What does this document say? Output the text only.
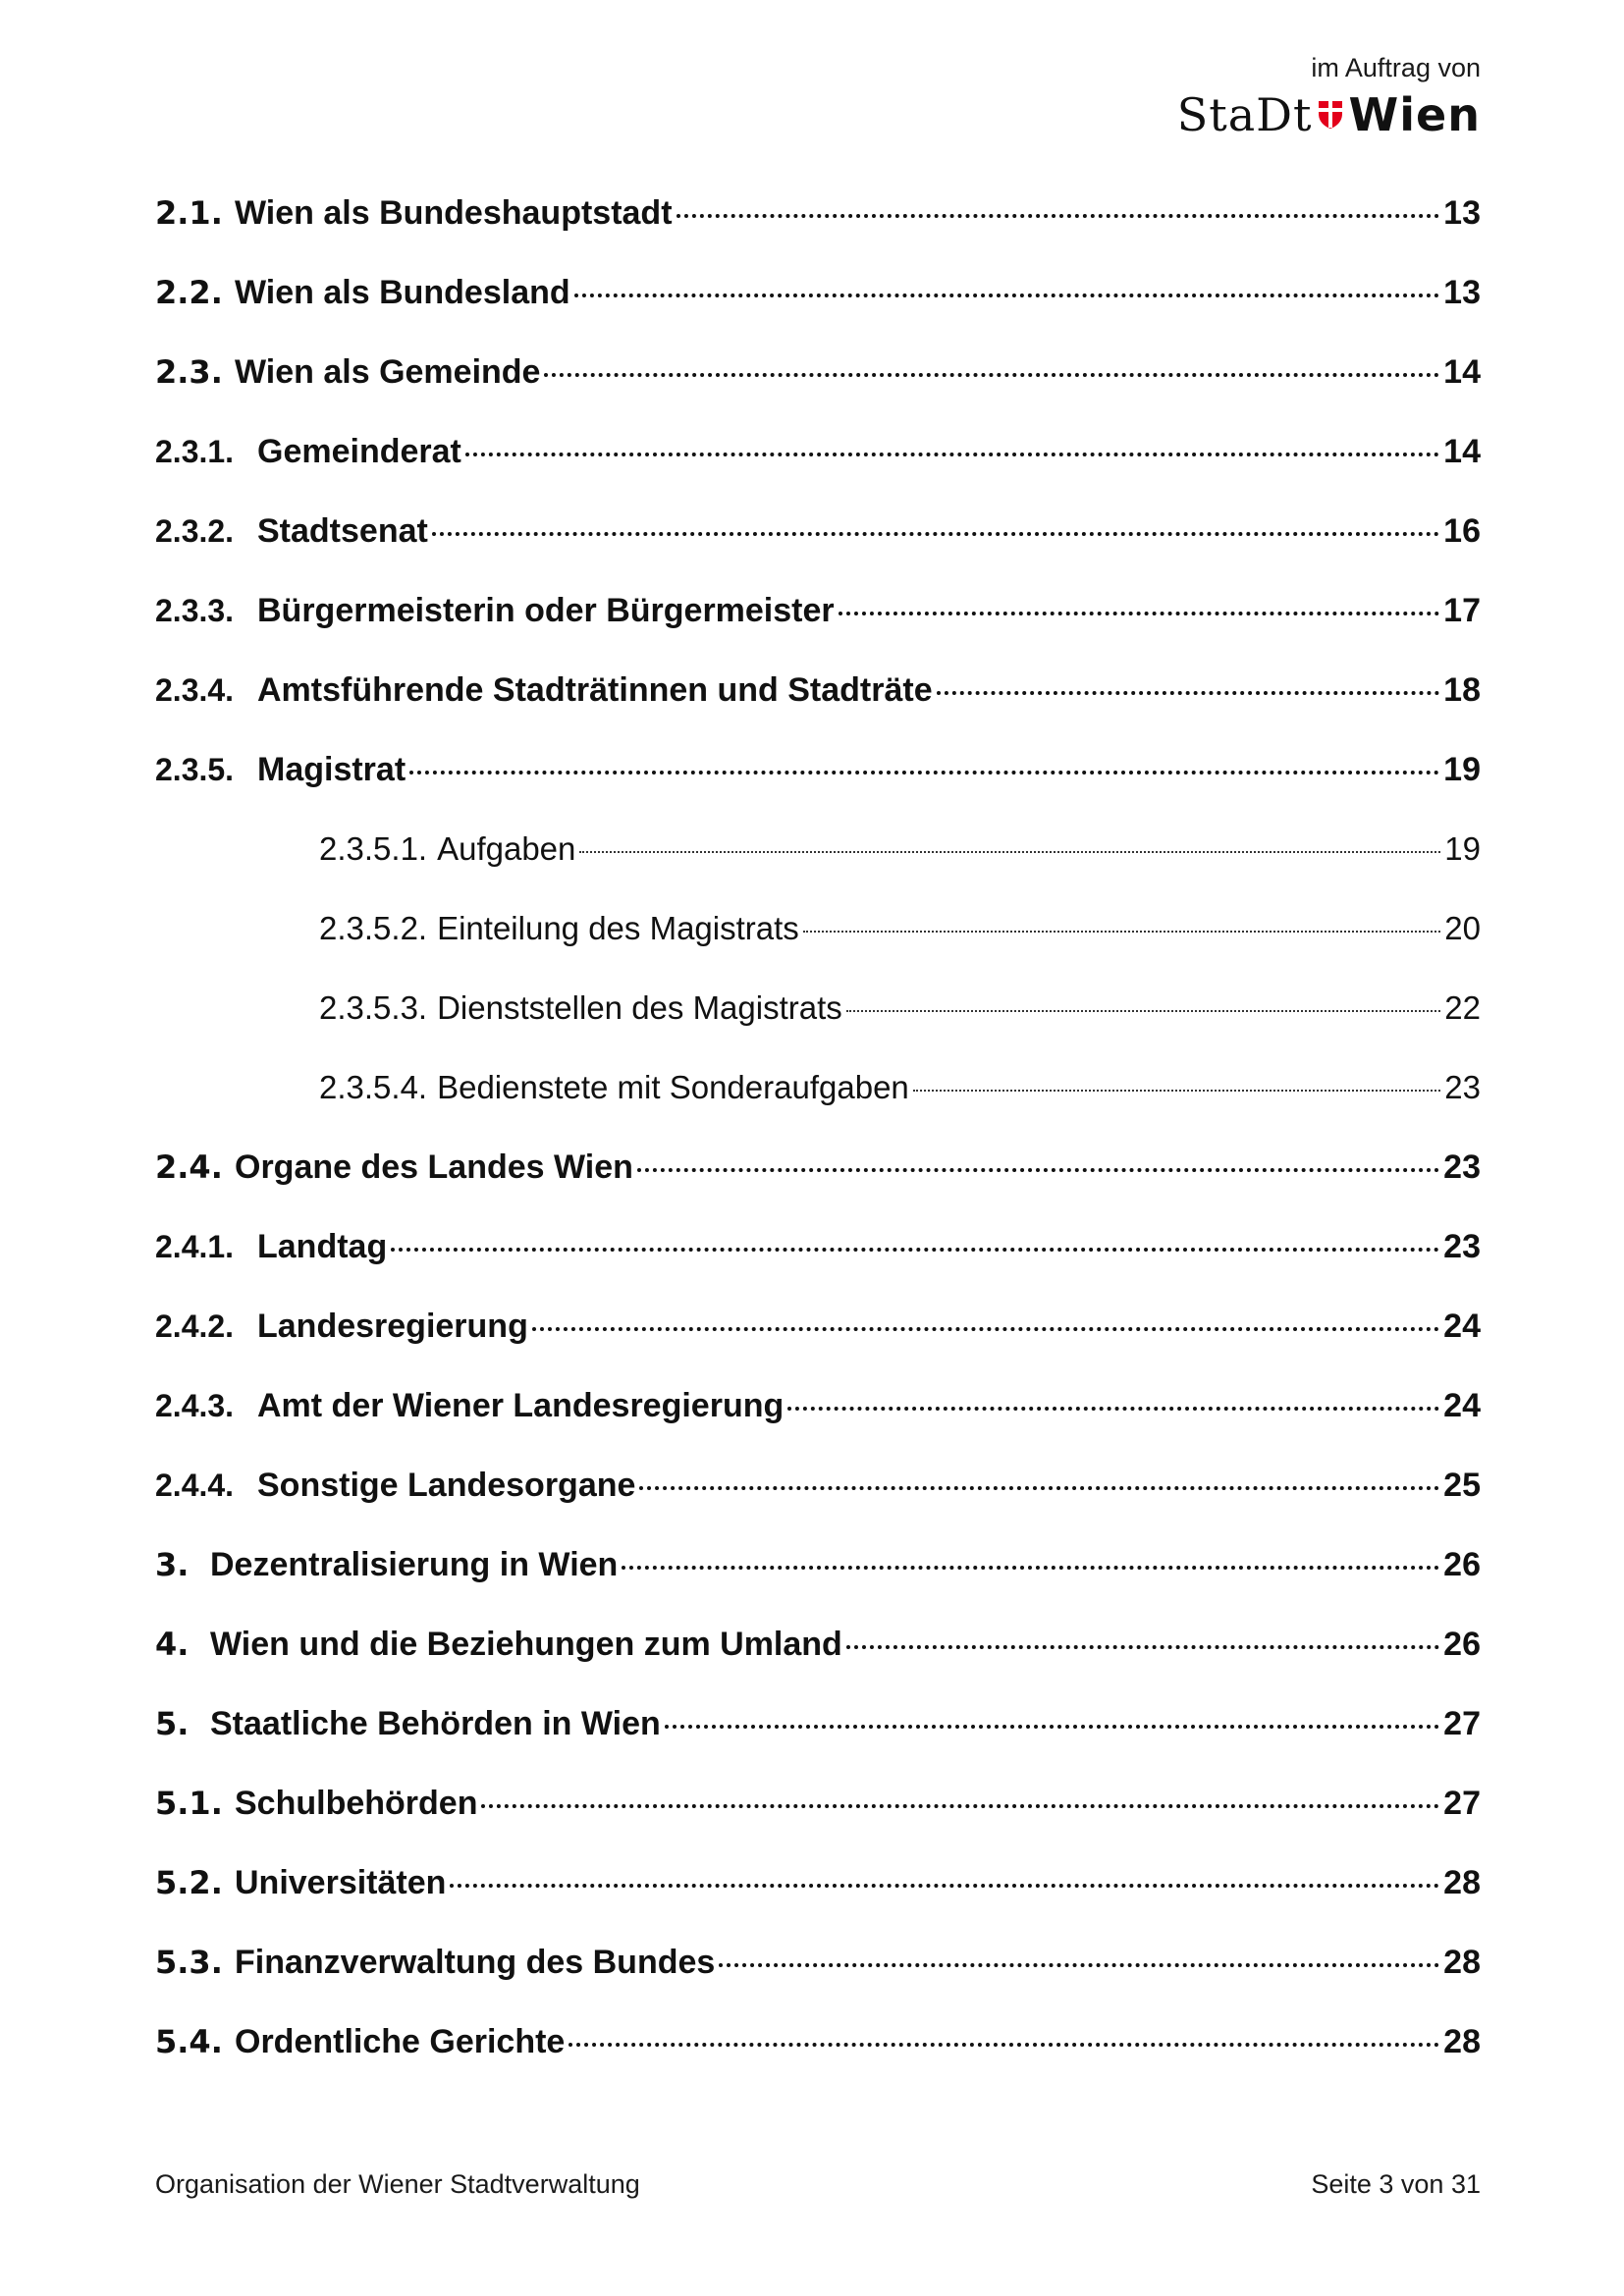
im Auftrag von
StaDt Wien
2.1. Wien als Bundeshauptstadt	13
2.2. Wien als Bundesland	13
2.3. Wien als Gemeinde	14
2.3.1. Gemeinderat	14
2.3.2. Stadtsenat	16
2.3.3. Bürgermeisterin oder Bürgermeister	17
2.3.4. Amtsführende Stadträtinnen und Stadträte	18
2.3.5. Magistrat	19
2.3.5.1. Aufgaben	19
2.3.5.2. Einteilung des Magistrats	20
2.3.5.3. Dienststellen des Magistrats	22
2.3.5.4. Bedienstete mit Sonderaufgaben	23
2.4. Organe des Landes Wien	23
2.4.1. Landtag	23
2.4.2. Landesregierung	24
2.4.3. Amt der Wiener Landesregierung	24
2.4.4. Sonstige Landesorgane	25
3. Dezentralisierung in Wien	26
4. Wien und die Beziehungen zum Umland	26
5. Staatliche Behörden in Wien	27
5.1. Schulbehörden	27
5.2. Universitäten	28
5.3. Finanzverwaltung des Bundes	28
5.4. Ordentliche Gerichte	28
Organisation der Wiener Stadtverwaltung	Seite 3 von 31
